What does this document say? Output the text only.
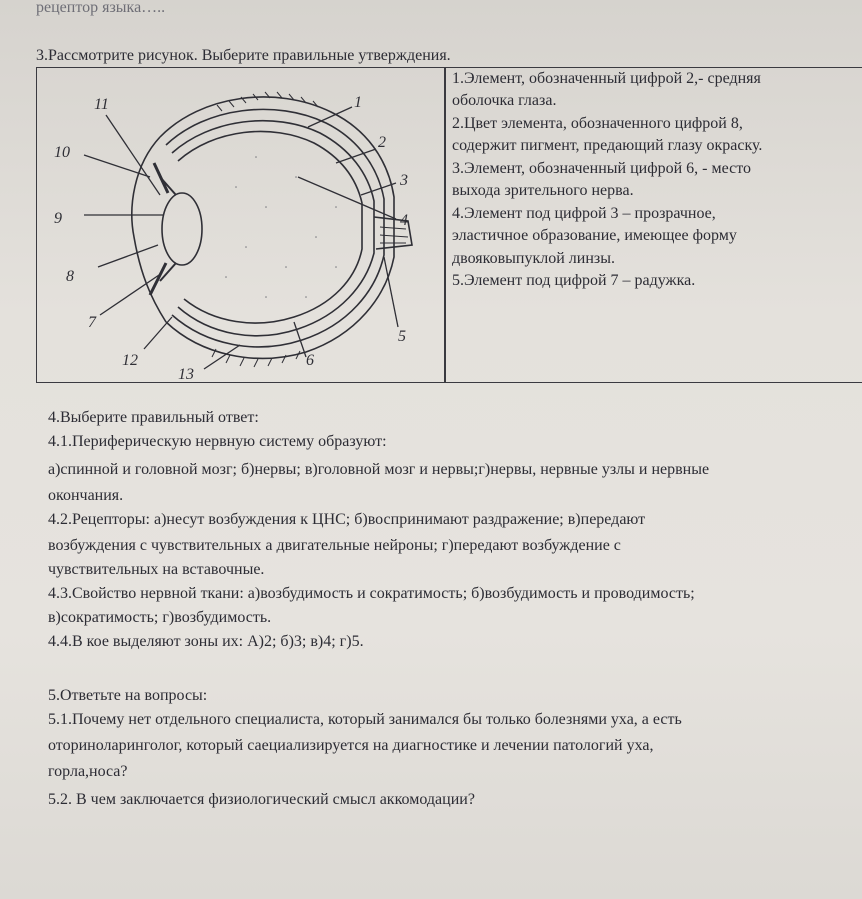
рецептор языка…..
3.Рассмотрите рисунок. Выберите правильные утверждения.
1
2
3
4
5
6
7
8
9
10
11
12
13
1.Элемент, обозначенный цифрой 2,- средняя
оболочка глаза.
2.Цвет элемента, обозначенного цифрой 8,
содержит пигмент, предающий глазу окраску.
3.Элемент, обозначенный цифрой 6, - место
выхода зрительного нерва.
4.Элемент под цифрой 3 – прозрачное,
эластичное образование, имеющее форму
двояковыпуклой линзы.
5.Элемент под цифрой 7 – радужка.
4.Выберите правильный ответ:
4.1.Периферическую нервную систему образуют:
а)спинной и головной мозг; б)нервы; в)головной мозг и нервы;г)нервы, нервные узлы и нервные
окончания.
4.2.Рецепторы: а)несут возбуждения к ЦНС; б)воспринимают раздражение; в)передают
возбуждения с чувствительных а двигательные нейроны; г)передают возбуждение с
чувствительных на вставочные.
4.3.Свойство нервной ткани: а)возбудимость и сократимость; б)возбудимость и проводимость;
в)сократимость; г)возбудимость.
4.4.В кое выделяют зоны их: А)2; б)3; в)4; г)5.
5.Ответьте на вопросы:
5.1.Почему нет отдельного специалиста, который занимался бы только болезнями уха, а есть
оториноларинголог, который саециализируется на диагностике и лечении патологий уха,
горла,носа?
5.2. В чем заключается физиологический смысл аккомодации?
